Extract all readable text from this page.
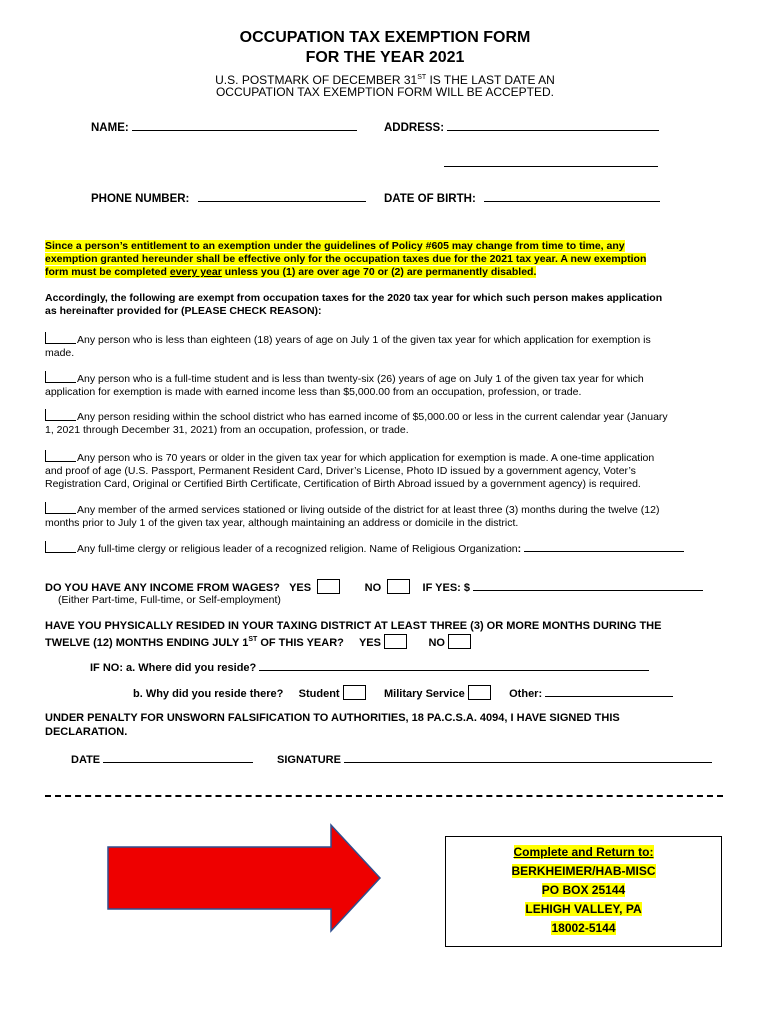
OCCUPATION TAX EXEMPTION FORM
FOR THE YEAR 2021
U.S. POSTMARK OF DECEMBER 31ST IS THE LAST DATE AN
OCCUPATION TAX EXEMPTION FORM WILL BE ACCEPTED.
NAME:	ADDRESS:
PHONE NUMBER:	DATE OF BIRTH:
Since a person’s entitlement to an exemption under the guidelines of Policy #605 may change from time to time, any
exemption granted hereunder shall be effective only for the occupation taxes due for the 2021 tax year. A new exemption
form must be completed every year unless you (1) are over age 70 or (2) are permanently disabled.
Accordingly, the following are exempt from occupation taxes for the 2020 tax year for which such person makes application
as hereinafter provided for (PLEASE CHECK REASON):
Any person who is less than eighteen (18) years of age on July 1 of the given tax year for which application for exemption is
made.
Any person who is a full-time student and is less than twenty-six (26) years of age on July 1 of the given tax year for which
application for exemption is made with earned income less than $5,000.00 from an occupation, profession, or trade.
Any person residing within the school district who has earned income of $5,000.00 or less in the current calendar year (January
1, 2021 through December 31, 2021) from an occupation, profession, or trade.
Any person who is 70 years or older in the given tax year for which application for exemption is made. A one-time application
and proof of age (U.S. Passport, Permanent Resident Card, Driver’s License, Photo ID issued by a government agency, Voter’s
Registration Card, Original or Certified Birth Certificate, Certification of Birth Abroad issued by a government agency) is required.
Any member of the armed services stationed or living outside of the district for at least three (3) months during the twelve (12)
months prior to July 1 of the given tax year, although maintaining an address or domicile in the district.
Any full-time clergy or religious leader of a recognized religion. Name of Religious Organization:
DO YOU HAVE ANY INCOME FROM WAGES? YES	NO	IF YES: $
(Either Part-time, Full-time, or Self-employment)
HAVE YOU PHYSICALLY RESIDED IN YOUR TAXING DISTRICT AT LEAST THREE (3) OR MORE MONTHS DURING THE
TWELVE (12) MONTHS ENDING JULY 1ST OF THIS YEAR? YES	NO
IF NO: a. Where did you reside?
b. Why did you reside there? Student	Military Service	Other:
UNDER PENALTY FOR UNSWORN FALSIFICATION TO AUTHORITIES, 18 PA.C.S.A. 4094, I HAVE SIGNED THIS
DECLARATION.
DATE	SIGNATURE
Complete and Return to:
BERKHEIMER/HAB-MISC
PO BOX 25144
LEHIGH VALLEY, PA
18002-5144
